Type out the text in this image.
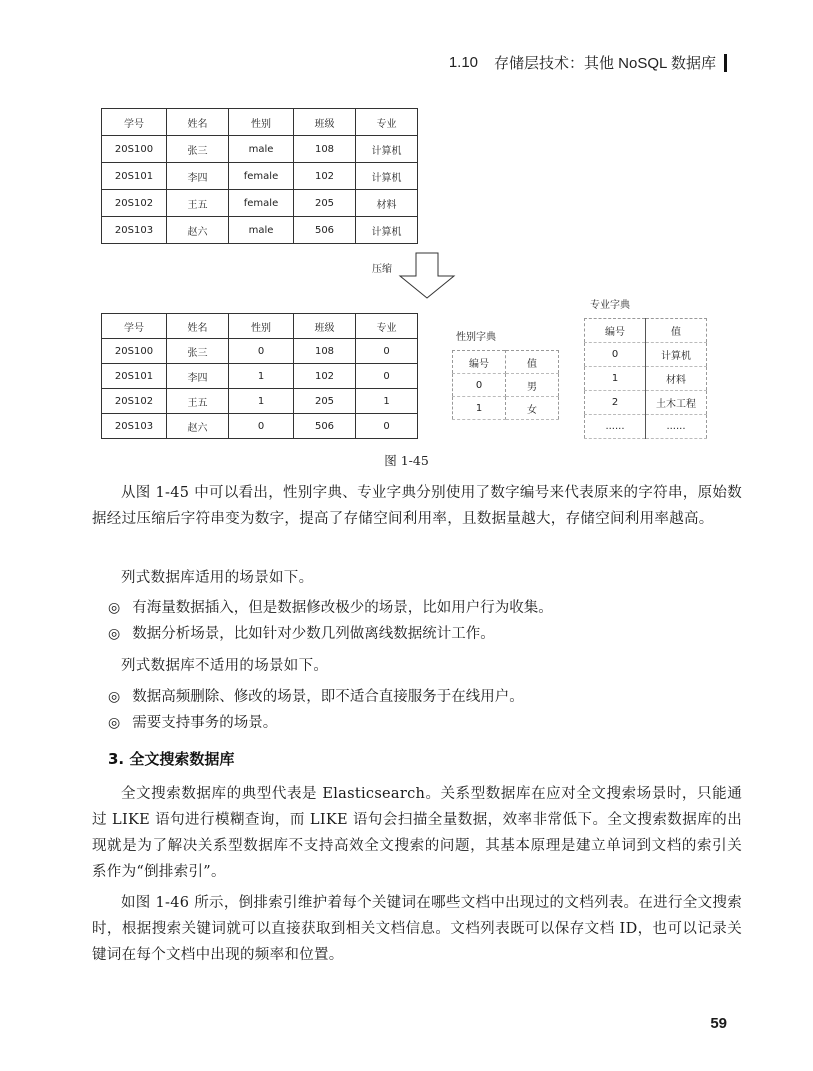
1.10 存储层技术：其他 NoSQL 数据库
学号	姓名	性别	班级	专业
20S100	张三	male	108	计算机
20S101	李四	female	102	计算机
20S102	王五	female	205	材料
20S103	赵六	male	506	计算机
压缩
学号	姓名	性别	班级	专业
20S100	张三	0	108	0
20S101	李四	1	102	0
20S102	王五	1	205	1
20S103	赵六	0	506	0
性别字典
编号	值
0	男
1	女
专业字典
编号	值
0	计算机
1	材料
2	土木工程
......	......
图 1-45

从图 1-45 中可以看出，性别字典、专业字典分别使用了数字编号来代表原来的字符串，原始数据经过压缩后字符串变为数字，提高了存储空间利用率，且数据量越大，存储空间利用率越高。

列式数据库适用的场景如下。

◎ 有海量数据插入，但是数据修改极少的场景，比如用户行为收集。
◎ 数据分析场景，比如针对少数几列做离线数据统计工作。

列式数据库不适用的场景如下。

◎ 数据高频删除、修改的场景，即不适合直接服务于在线用户。
◎ 需要支持事务的场景。
3. 全文搜索数据库

全文搜索数据库的典型代表是 Elasticsearch。关系型数据库在应对全文搜索场景时，只能通过 LIKE 语句进行模糊查询，而 LIKE 语句会扫描全量数据，效率非常低下。全文搜索数据库的出现就是为了解决关系型数据库不支持高效全文搜索的问题，其基本原理是建立单词到文档的索引关系作为“倒排索引”。

如图 1-46 所示，倒排索引维护着每个关键词在哪些文档中出现过的文档列表。在进行全文搜索时，根据搜索关键词就可以直接获取到相关文档信息。文档列表既可以保存文档 ID，也可以记录关键词在每个文档中出现的频率和位置。

59
